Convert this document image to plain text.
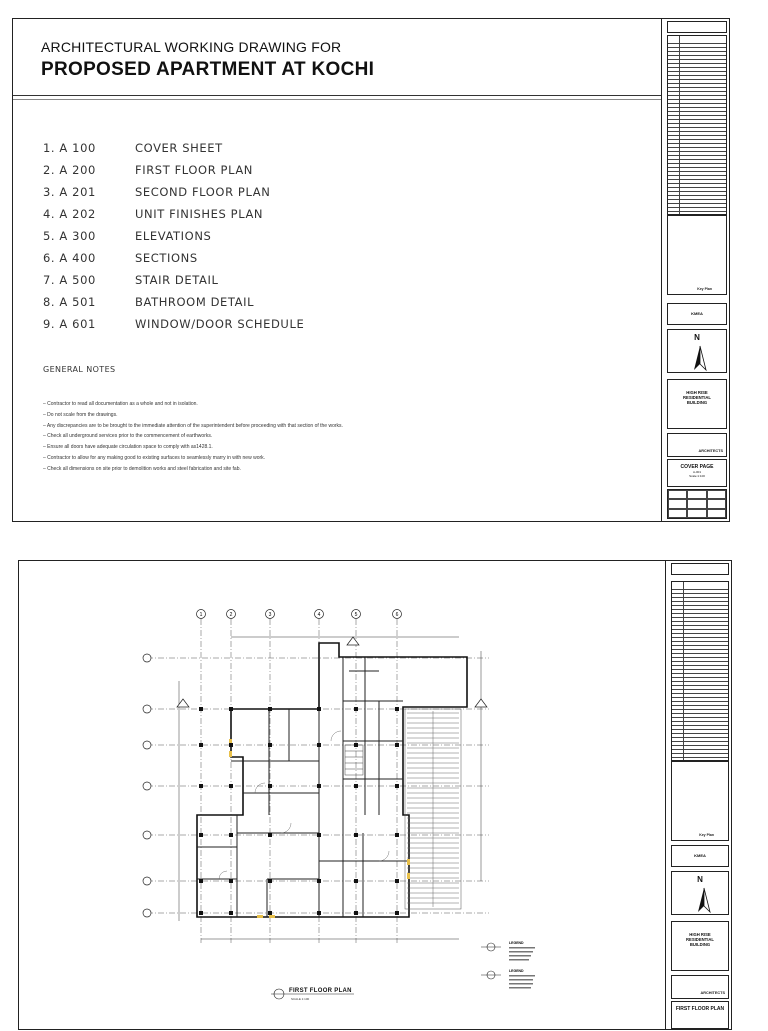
ARCHITECTURAL WORKING DRAWING FOR
PROPOSED APARTMENT AT KOCHI
1. A 100	COVER SHEET
2. A 200	FIRST FLOOR PLAN
3. A 201	SECOND FLOOR PLAN
4. A 202	UNIT FINISHES PLAN
5. A 300	ELEVATIONS
6. A 400	SECTIONS
7. A 500	STAIR DETAIL
8. A 501	BATHROOM DETAIL
9. A 601	WINDOW/DOOR SCHEDULE
GENERAL NOTES
– Contractor to read all documentation as a whole and not in isolation.
– Do not scale from the drawings.
– Any discrepancies are to be brought to the immediate attention of the superintendent before proceeding with that section of the works.
– Check all underground services prior to the commencement of earthworks.
– Ensure all doors have adequate circulation space to comply with as1428.1.
– Contractor to allow for any making good to existing surfaces to seamlessly marry in with new work.
– Check all dimensions on site prior to demolition works and steel fabrication and site fab.

Key Plan
KMEA
N
HIGH RISE
RESIDENTIAL
BUILDING
ARCHITECTS
COVER PAGE
A-001
Scale:1:100
1	2	3	4	5	6
LEGEND
LEGEND
FIRST FLOOR PLAN
SCALE 1:100

Key Plan
KMEA
N
HIGH RISE
RESIDENTIAL
BUILDING
ARCHITECTS
FIRST FLOOR PLAN
